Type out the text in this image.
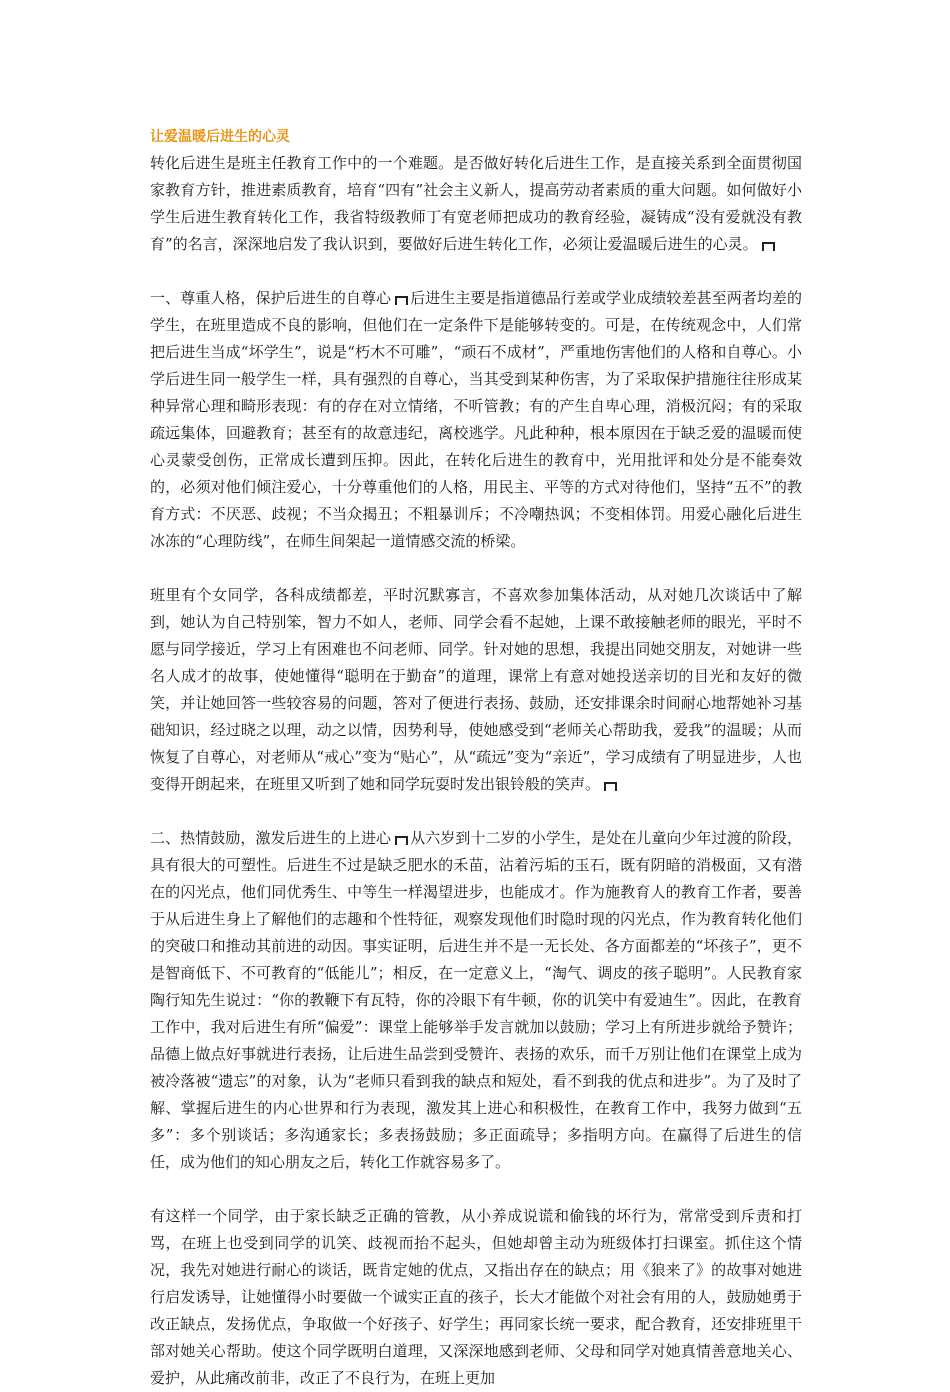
让爱温暖后进生的心灵

转化后进生是班主任教育工作中的一个难题。是否做好转化后进生工作，是直接关系到全面贯彻国家教育方针，推进素质教育，培育“四有”社会主义新人，提高劳动者素质的重大问题。如何做好小学生后进生教育转化工作，我省特级教师丁有宽老师把成功的教育经验，凝铸成“没有爱就没有教育”的名言，深深地启发了我认识到，要做好后进生转化工作，必须让爱温暖后进生的心灵。

一、尊重人格，保护后进生的自尊心 后进生主要是指道德品行差或学业成绩较差甚至两者均差的学生，在班里造成不良的影响，但他们在一定条件下是能够转变的。可是，在传统观念中，人们常把后进生当成“坏学生”，说是“朽木不可雕”，“顽石不成材”，严重地伤害他们的人格和自尊心。小学后进生同一般学生一样，具有强烈的自尊心，当其受到某种伤害，为了采取保护措施往往形成某种异常心理和畸形表现：有的存在对立情绪，不听管教；有的产生自卑心理，消极沉闷；有的采取疏远集体，回避教育；甚至有的故意违纪，离校逃学。凡此种种，根本原因在于缺乏爱的温暖而使心灵蒙受创伤，正常成长遭到压抑。因此，在转化后进生的教育中，光用批评和处分是不能奏效的，必须对他们倾注爱心，十分尊重他们的人格，用民主、平等的方式对待他们，坚持“五不”的教育方式：不厌恶、歧视；不当众揭丑；不粗暴训斥；不冷嘲热讽；不变相体罚。用爱心融化后进生冰冻的“心理防线”，在师生间架起一道情感交流的桥梁。

班里有个女同学，各科成绩都差，平时沉默寡言，不喜欢参加集体活动，从对她几次谈话中了解到，她认为自己特别笨，智力不如人，老师、同学会看不起她，上课不敢接触老师的眼光，平时不愿与同学接近，学习上有困难也不问老师、同学。针对她的思想，我提出同她交朋友，对她讲一些名人成才的故事，使她懂得“聪明在于勤奋”的道理，课常上有意对她投送亲切的目光和友好的微笑，并让她回答一些较容易的问题，答对了便进行表扬、鼓励，还安排课余时间耐心地帮她补习基础知识，经过晓之以理，动之以情，因势利导，使她感受到“老师关心帮助我，爱我”的温暖；从而恢复了自尊心，对老师从“戒心”变为“贴心”，从“疏远”变为“亲近”，学习成绩有了明显进步，人也变得开朗起来，在班里又听到了她和同学玩耍时发出银铃般的笑声。

二、热情鼓励，激发后进生的上进心 从六岁到十二岁的小学生，是处在儿童向少年过渡的阶段，具有很大的可塑性。后进生不过是缺乏肥水的禾苗，沾着污垢的玉石，既有阴暗的消极面，又有潜在的闪光点，他们同优秀生、中等生一样渴望进步，也能成才。作为施教育人的教育工作者，要善于从后进生身上了解他们的志趣和个性特征，观察发现他们时隐时现的闪光点，作为教育转化他们的突破口和推动其前进的动因。事实证明，后进生并不是一无长处、各方面都差的“坏孩子”，更不是智商低下、不可教育的“低能儿”；相反，在一定意义上，“淘气、调皮的孩子聪明”。人民教育家陶行知先生说过：“你的教鞭下有瓦特，你的冷眼下有牛顿，你的讥笑中有爱迪生”。因此，在教育工作中，我对后进生有所“偏爱”：课堂上能够举手发言就加以鼓励；学习上有所进步就给予赞许；品德上做点好事就进行表扬，让后进生品尝到受赞许、表扬的欢乐，而千万别让他们在课堂上成为被冷落被“遗忘”的对象，认为“老师只看到我的缺点和短处，看不到我的优点和进步”。为了及时了解、掌握后进生的内心世界和行为表现，激发其上进心和积极性，在教育工作中，我努力做到“五多”：多个别谈话；多沟通家长；多表扬鼓励；多正面疏导；多指明方向。在赢得了后进生的信任，成为他们的知心朋友之后，转化工作就容易多了。

有这样一个同学，由于家长缺乏正确的管教，从小养成说谎和偷钱的坏行为，常常受到斥责和打骂，在班上也受到同学的讥笑、歧视而抬不起头，但她却曾主动为班级体打扫课室。抓住这个情况，我先对她进行耐心的谈话，既肯定她的优点，又指出存在的缺点；用《狼来了》的故事对她进行启发诱导，让她懂得小时要做一个诚实正直的孩子，长大才能做个对社会有用的人，鼓励她勇于改正缺点，发扬优点，争取做一个好孩子、好学生；再同家长统一要求，配合教育，还安排班里干部对她关心帮助。使这个同学既明白道理，又深深地感到老师、父母和同学对她真情善意地关心、爱护，从此痛改前非，改正了不良行为，在班上更加
